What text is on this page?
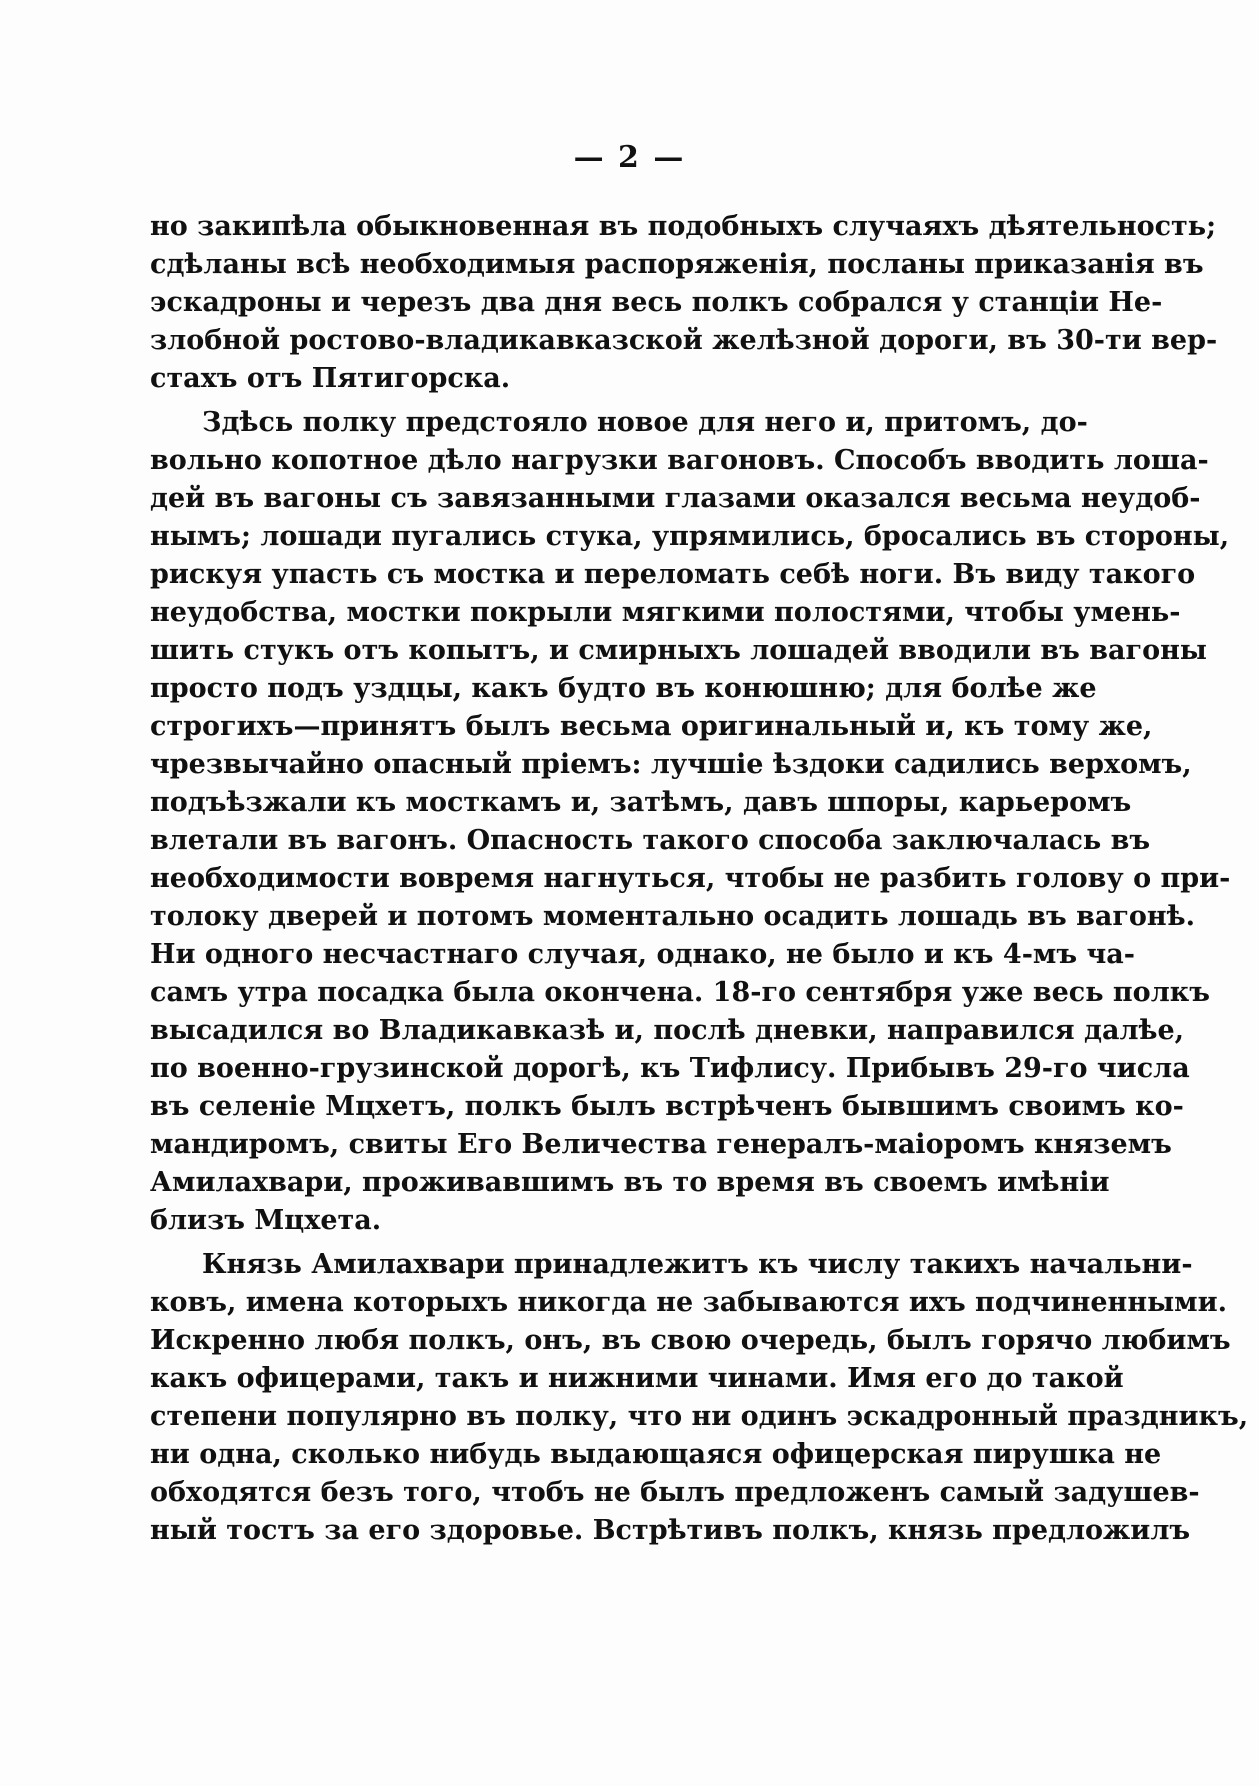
— 2 —
но закипѣла обыкновенная въ подобныхъ случаяхъ дѣятельность;
сдѣланы всѣ необходимыя распоряженія, посланы приказанія въ
эскадроны и черезъ два дня весь полкъ собрался у станціи Не-
злобной ростово-владикавказской желѣзной дороги, въ 30-ти вер-
стахъ отъ Пятигорска.
Здѣсь полку предстояло новое для него и, притомъ, до-
вольно копотное дѣло нагрузки вагоновъ. Способъ вводить лоша-
дей въ вагоны съ завязанными глазами оказался весьма неудоб-
нымъ; лошади пугались стука, упрямились, бросались въ стороны,
рискуя упасть съ мостка и переломать себѣ ноги. Въ виду такого
неудобства, мостки покрыли мягкими полостями, чтобы умень-
шить стукъ отъ копытъ, и смирныхъ лошадей вводили въ вагоны
просто подъ уздцы, какъ будто въ конюшню; для болѣе же
строгихъ—принятъ былъ весьма оригинальный и, къ тому же,
чрезвычайно опасный пріемъ: лучшіе ѣздоки садились верхомъ,
подъѣзжали къ мосткамъ и, затѣмъ, давъ шпоры, карьеромъ
влетали въ вагонъ. Опасность такого способа заключалась въ
необходимости вовремя нагнуться, чтобы не разбить голову о при-
толоку дверей и потомъ моментально осадить лошадь въ вагонѣ.
Ни одного несчастнаго случая, однако, не было и къ 4-мъ ча-
самъ утра посадка была окончена. 18-го сентября уже весь полкъ
высадился во Владикавказѣ и, послѣ дневки, направился далѣе,
по военно-грузинской дорогѣ, къ Тифлису. Прибывъ 29-го числа
въ селеніе Мцхетъ, полкъ былъ встрѣченъ бывшимъ своимъ ко-
мандиромъ, свиты Его Величества генералъ-маіоромъ княземъ
Амилахвари, проживавшимъ въ то время въ своемъ имѣніи
близъ Мцхета.
Князь Амилахвари принадлежитъ къ числу такихъ начальни-
ковъ, имена которыхъ никогда не забываются ихъ подчиненными.
Искренно любя полкъ, онъ, въ свою очередь, былъ горячо любимъ
какъ офицерами, такъ и нижними чинами. Имя его до такой
степени популярно въ полку, что ни одинъ эскадронный праздникъ,
ни одна, сколько нибудь выдающаяся офицерская пирушка не
обходятся безъ того, чтобъ не былъ предложенъ самый задушев-
ный тостъ за его здоровье. Встрѣтивъ полкъ, князь предложилъ
